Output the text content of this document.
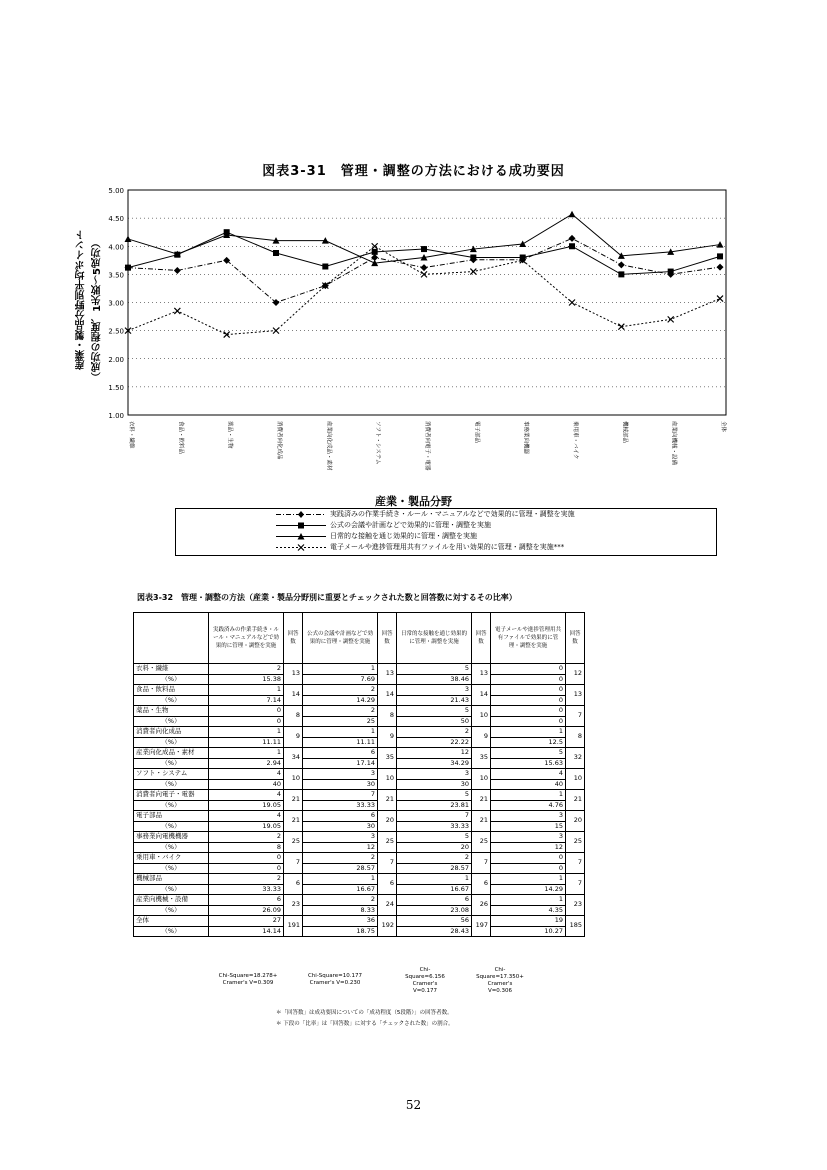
図表3-31　管理・調整の方法における成功要因
1.00
1.50
2.00
2.50
3.00
3.50
4.00
4.50
5.00
衣料・繊維	食品・飲料品	薬品・生物	消費者向化成品	産業向化成品・素材	ソフト・システム	消費者向電子・電器	電子部品	事務業向機器	乗用車・バイク	機械部品	産業向機械・設備	全体
産業・製品分野別平均ポイント （成功の程度、1失敗～5成功）
産業・製品分野
実践済みの作業手続き・ルール・マニュアルなどで効果的に管理・調整を実施
公式の会議や計画などで効果的に管理・調整を実施
日常的な接触を通じ効果的に管理・調整を実施
電子メールや進捗管理用共有ファイルを用い効果的に管理・調整を実施***
図表3-32　管理・調整の方法（産業・製品分野別に重要とチェックされた数と回答数に対するその比率）
	実践済みの作業手続き・ルール・マニュアルなどで効果的に管理・調整を実施	回答数	公式の会議や計画などで効果的に管理・調整を実施	回答数	日常的な接触を通じ効果的に管理・調整を実施	回答数	電子メールや進捗管理用共有ファイルで効果的に管理・調整を実施	回答数
衣料・繊維	2	13	1	13	5	13	0	12
（%）	15.38		7.69		38.46		0	
食品・飲料品	1	14	2	14	3	14	0	13
（%）	7.14		14.29		21.43		0	
薬品・生物	0	8	2	8	5	10	0	7
（%）	0		25		50		0	
消費者向化成品	1	9	1	9	2	9	1	8
（%）	11.11		11.11		22.22		12.5	
産業向化成品・素材	1	34	6	35	12	35	5	32
（%）	2.94		17.14		34.29		15.63	
ソフト・システム	4	10	3	10	3	10	4	10
（%）	40		30		30		40	
消費者向電子・電器	4	21	7	21	5	21	1	21
（%）	19.05		33.33		23.81		4.76	
電子部品	4	21	6	20	7	21	3	20
（%）	19.05		30		33.33		15	
事務業向電機機器	2	25	3	25	5	25	3	25
（%）	8		12		20		12	
乗用車・バイク	0	7	2	7	2	7	0	7
（%）	0		28.57		28.57		0	
機械部品	2	6	1	6	1	6	1	7
（%）	33.33		16.67		16.67		14.29	
産業向機械・設備	6	23	2	24	6	26	1	23
（%）	26.09		8.33		23.08		4.35	
全体	27	191	36	192	56	197	19	185
（%）	14.14		18.75		28.43		10.27	
Chi-Square=18.278+
Cramer's V=0.309
Chi-Square=10.177
Cramer's V=0.230
Chi-
Square=6.156
Cramer's
V=0.177
Chi-
Square=17.350+
Cramer's
V=0.306
＊「回答数」は成功要因についての「成功程度（5段階）」の回答者数。
＊ 下段の「比率」は「回答数」に対する「チェックされた数」の割合。
52
